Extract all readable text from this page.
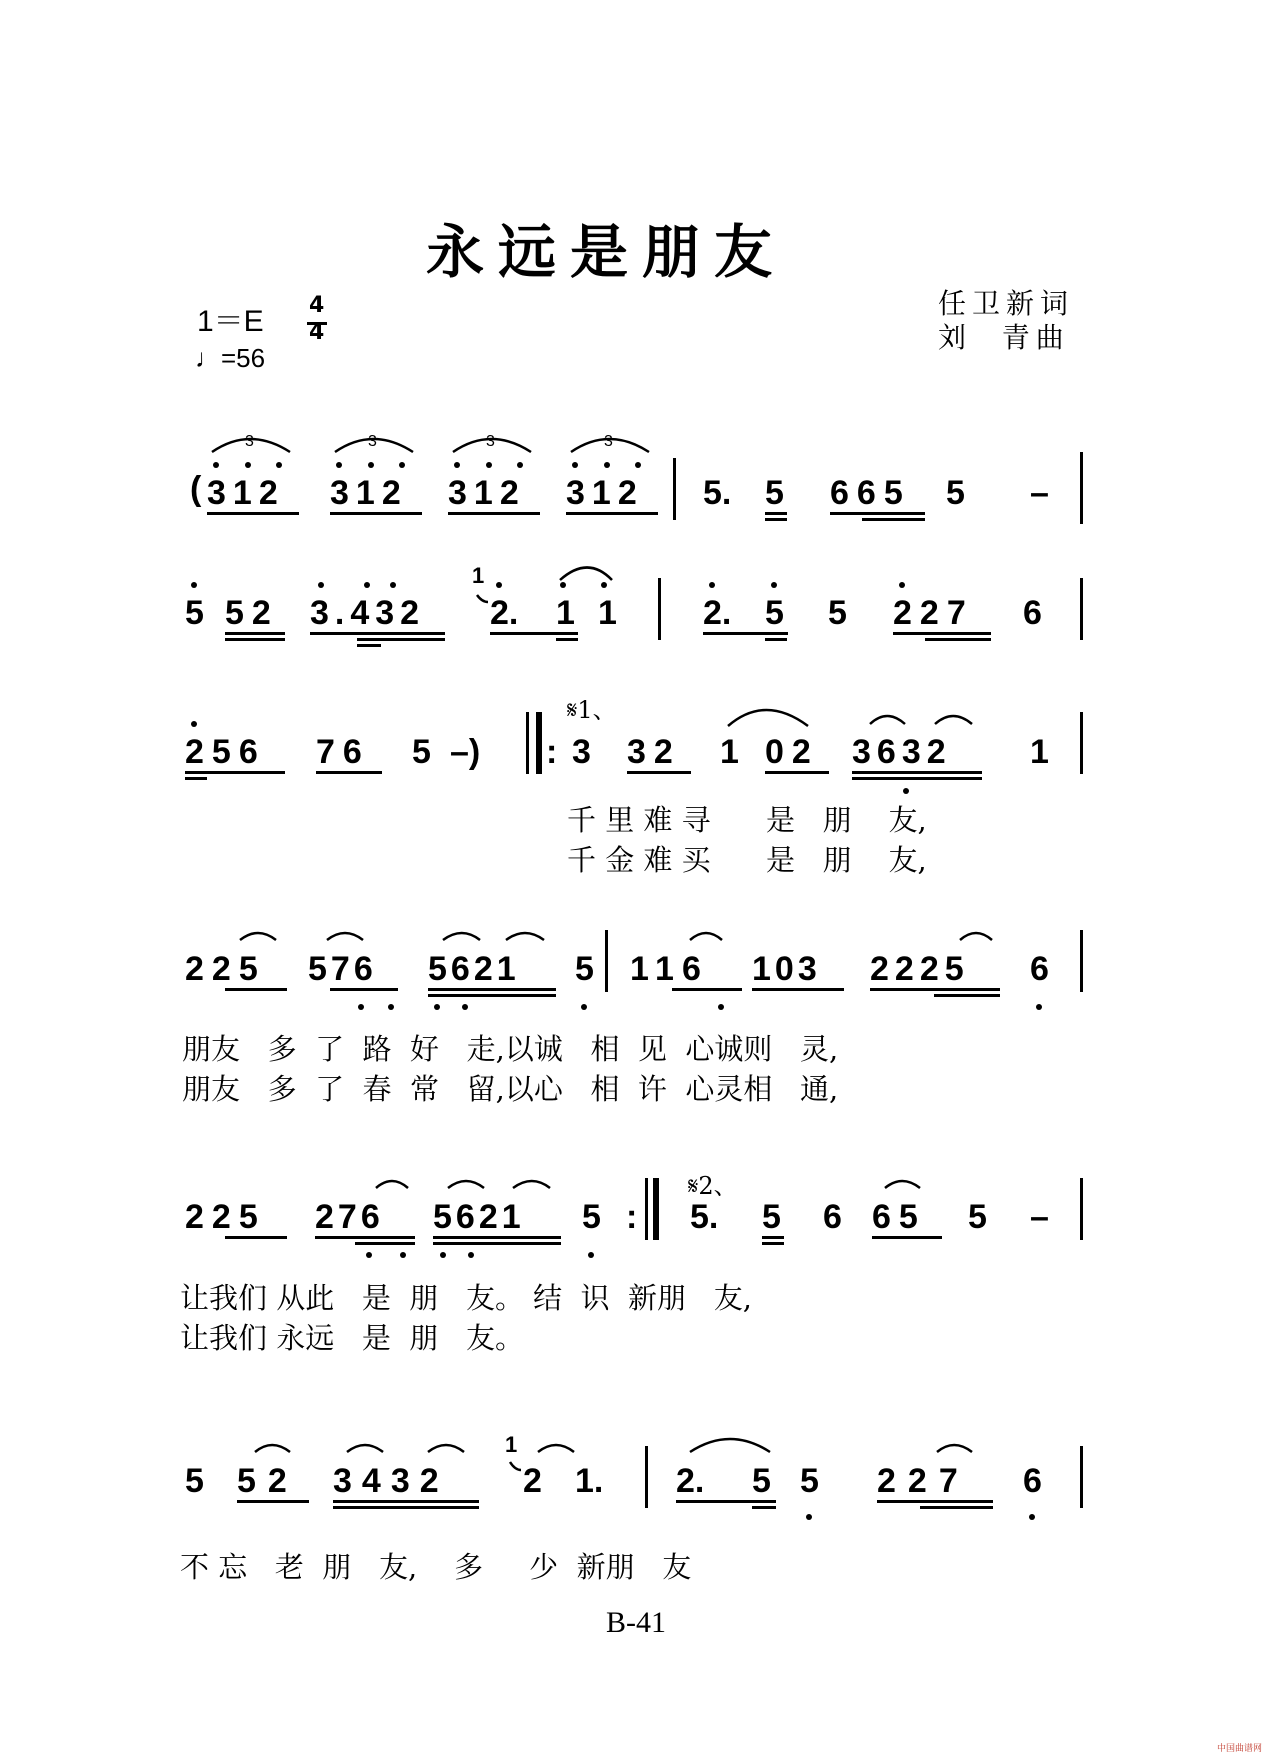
永远是朋友
1＝E 4
4
♩=56
任卫新词
刘  青曲
( 312 312 312 312 5. 5 665 5 –
5 52 3.432
1
2. 1 1	2. 5 5 227 6
256 76 5 –) :
𝄋1、
3 32 1 02 3632 1
千 里 难 寻      是   朋    友,
千 金 难 买      是   朋    友,
225 576 5621 5 116 103 2225 6
朋友   多  了  路  好   走,以诚   相  见  心诚则   灵,
朋友   多  了  春  常   留,以心   相  许  心灵相   通,
225 276 5621 5 :
𝄋2、
5. 5 6 65 5 –
让我们 从此   是  朋   友。 结  识  新朋   友,
让我们 永远   是  朋   友。
5 52 3432
1
2 1. 2. 5 5 227 6
不 忘   老  朋   友,    多     少  新朋   友
3	3	3	3
B-41
中国曲谱网
